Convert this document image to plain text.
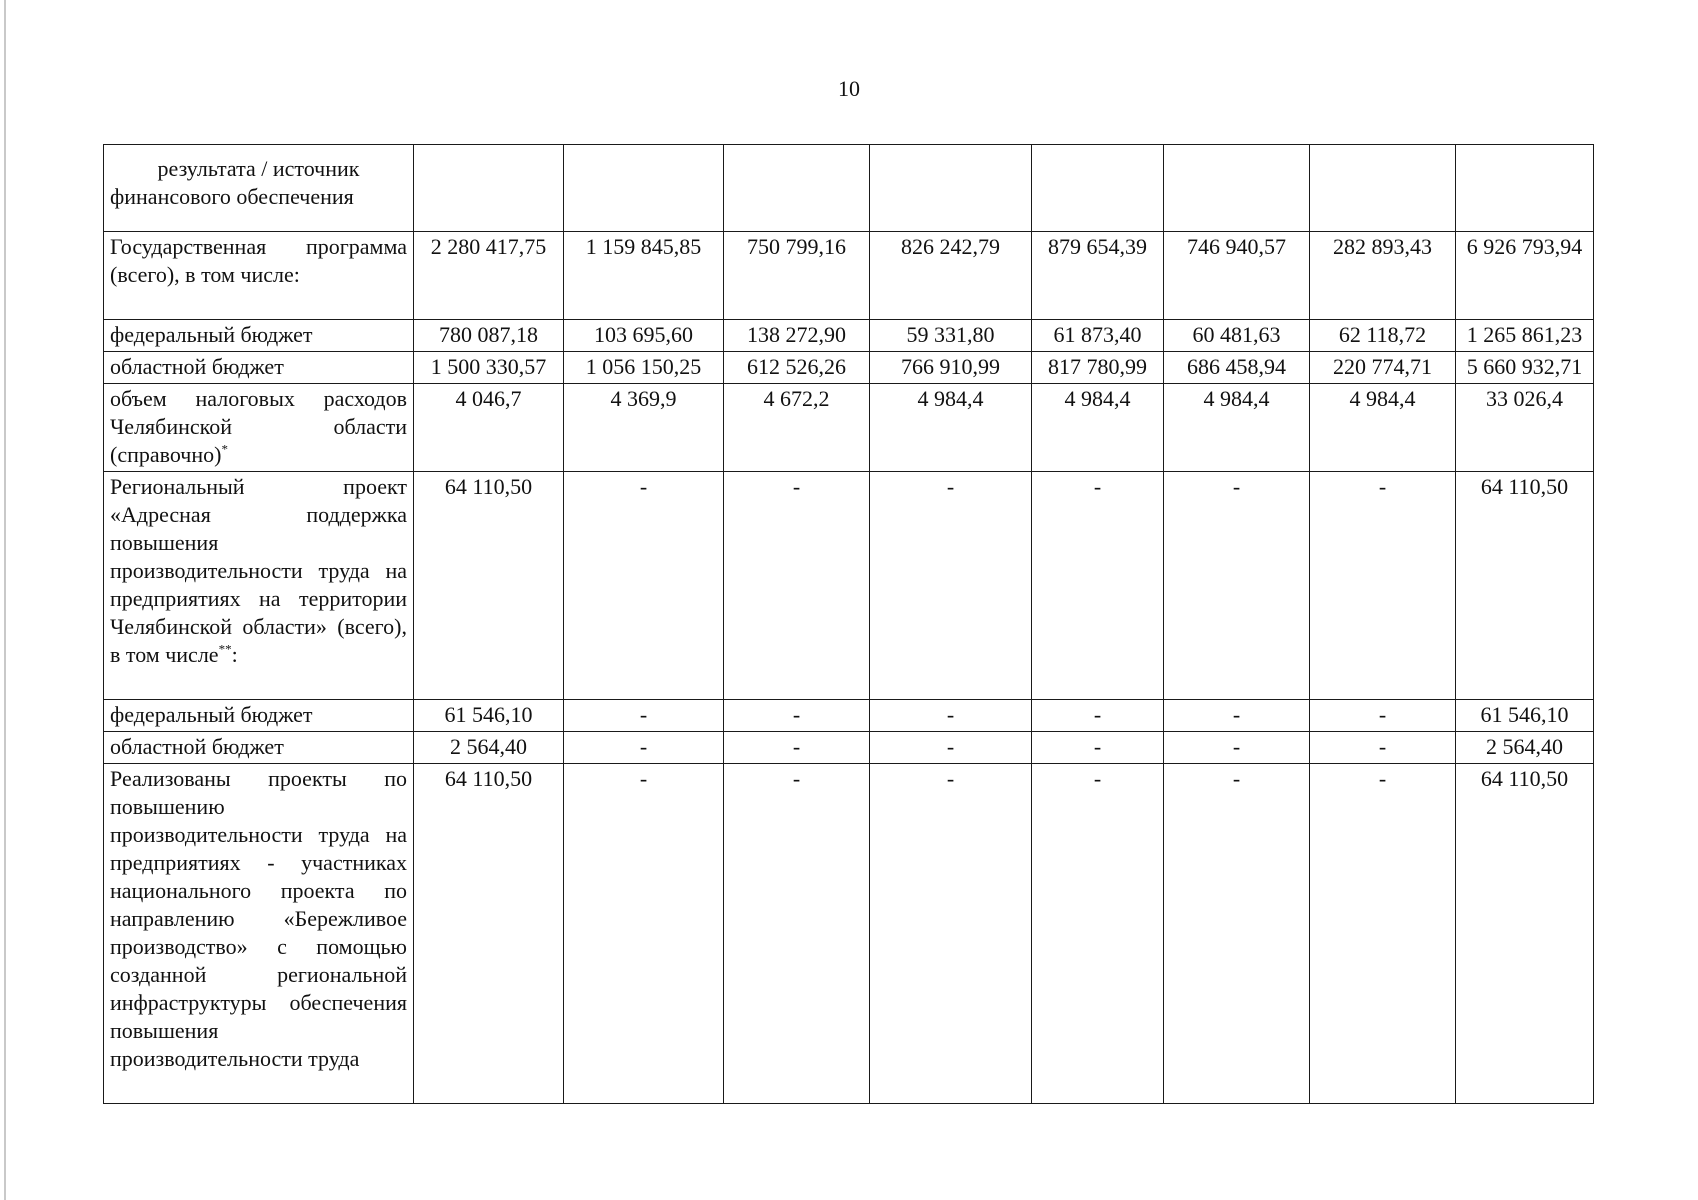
10
результата / источник финансового обеспечения								
Государственная программа (всего), в том числе:	2 280 417,75	1 159 845,85	750 799,16	826 242,79	879 654,39	746 940,57	282 893,43	6 926 793,94
федеральный бюджет	780 087,18	103 695,60	138 272,90	59 331,80	61 873,40	60 481,63	62 118,72	1 265 861,23
областной бюджет	1 500 330,57	1 056 150,25	612 526,26	766 910,99	817 780,99	686 458,94	220 774,71	5 660 932,71
объем налоговых расходов Челябинской области (справочно)*	4 046,7	4 369,9	4 672,2	4 984,4	4 984,4	4 984,4	4 984,4	33 026,4
Региональный проект «Адресная поддержка повышения производительности труда на предприятиях на территории Челябинской области» (всего), в том числе**:	64 110,50	-	-	-	-	-	-	64 110,50
федеральный бюджет	61 546,10	-	-	-	-	-	-	61 546,10
областной бюджет	2 564,40	-	-	-	-	-	-	2 564,40
Реализованы проекты по повышению производительности труда на предприятиях - участниках национального проекта по направлению «Бережливое производство» с помощью созданной региональной инфраструктуры обеспечения повышения производительности труда	64 110,50	-	-	-	-	-	-	64 110,50
